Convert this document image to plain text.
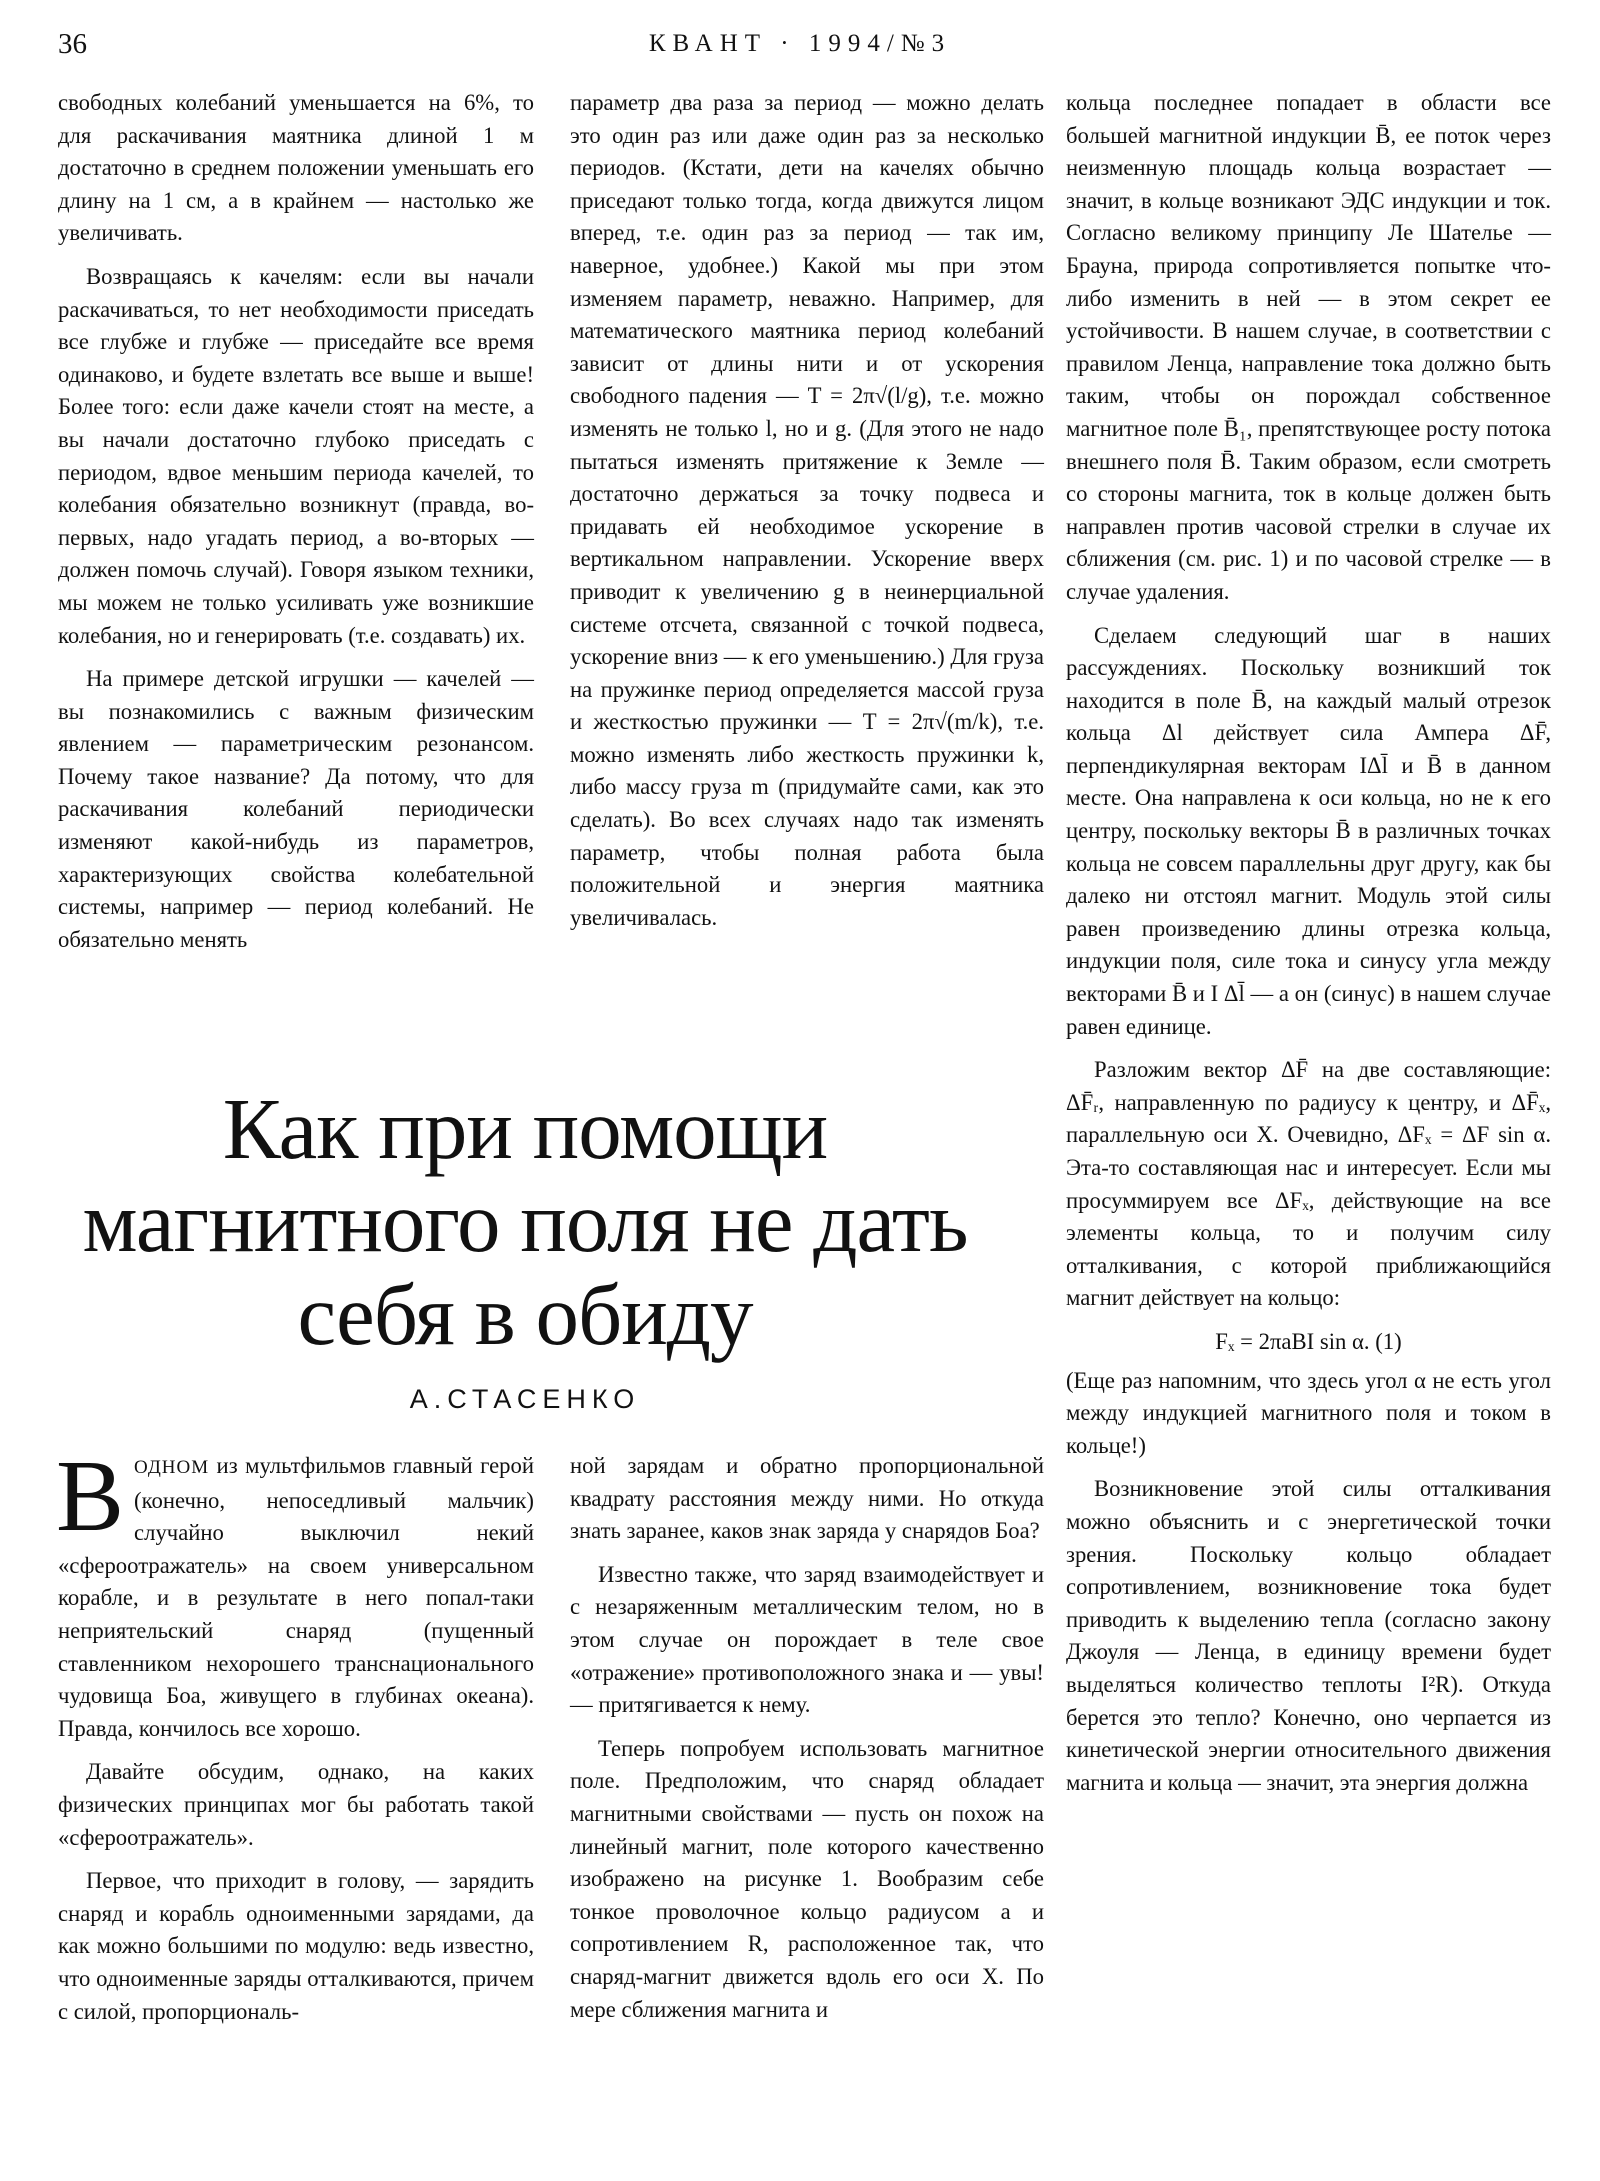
36	КВАНТ · 1994/№3

свободных колебаний уменьшается на 6%, то для раскачивания маятника длиной 1 м достаточно в среднем положении уменьшать его длину на 1 см, а в крайнем — настолько же увеличивать.

Возвращаясь к качелям: если вы начали раскачиваться, то нет необходимости приседать все глубже и глубже — приседайте все время одинаково, и будете взлетать все выше и выше! Более того: если даже качели стоят на месте, а вы начали достаточно глубоко приседать с периодом, вдвое меньшим периода качелей, то колебания обязательно возникнут (правда, во-первых, надо угадать период, а во-вторых — должен помочь случай). Говоря языком техники, мы можем не только усиливать уже возникшие колебания, но и генерировать (т.е. создавать) их.

На примере детской игрушки — качелей — вы познакомились с важным физическим явлением — параметрическим резонансом. Почему такое название? Да потому, что для раскачивания колебаний периодически изменяют какой-нибудь из параметров, характеризующих свойства колебательной системы, например — период колебаний. Не обязательно менять

параметр два раза за период — можно делать это один раз или даже один раз за несколько периодов. (Кстати, дети на качелях обычно приседают только тогда, когда движутся лицом вперед, т.е. один раз за период — так им, наверное, удобнее.) Какой мы при этом изменяем параметр, неважно. Например, для математического маятника период колебаний зависит от длины нити и от ускорения свободного падения — T = 2π√(l/g), т.е. можно изменять не только l, но и g. (Для этого не надо пытаться изменять притяжение к Земле — достаточно держаться за точку подвеса и придавать ей необходимое ускорение в вертикальном направлении. Ускорение вверх приводит к увеличению g в неинерциальной системе отсчета, связанной с точкой подвеса, ускорение вниз — к его уменьшению.) Для груза на пружинке период определяется массой груза и жесткостью пружинки — T = 2π√(m/k), т.е. можно изменять либо жесткость пружинки k, либо массу груза m (придумайте сами, как это сделать). Во всех случаях надо так изменять параметр, чтобы полная работа была положительной и энергия маятника увеличивалась.

кольца последнее попадает в области все большей магнитной индукции B̄, ее поток через неизменную площадь кольца возрастает — значит, в кольце возникают ЭДС индукции и ток. Согласно великому принципу Ле Шателье — Брауна, природа сопротивляется попытке что-либо изменить в ней — в этом секрет ее устойчивости. В нашем случае, в соответствии с правилом Ленца, направление тока должно быть таким, чтобы он порождал собственное магнитное поле B̄₁, препятствующее росту потока внешнего поля B̄. Таким образом, если смотреть со стороны магнита, ток в кольце должен быть направлен против часовой стрелки в случае их сближения (см. рис. 1) и по часовой стрелке — в случае удаления.

Сделаем следующий шаг в наших рассуждениях. Поскольку возникший ток находится в поле B̄, на каждый малый отрезок кольца Δl действует сила Ампера ΔF̄, перпендикулярная векторам IΔl̄ и B̄ в данном месте. Она направлена к оси кольца, но не к его центру, поскольку векторы B̄ в различных точках кольца не совсем параллельны друг другу, как бы далеко ни отстоял магнит. Модуль этой силы равен произведению длины отрезка кольца, индукции поля, силе тока и синусу угла между векторами B̄ и I Δl̄ — а он (синус) в нашем случае равен единице.

Разложим вектор ΔF̄ на две составляющие: ΔF̄ᵣ, направленную по радиусу к центру, и ΔF̄ₓ, параллельную оси X. Очевидно, ΔFₓ = ΔF sin α. Эта-то составляющая нас и интересует. Если мы просуммируем все ΔFₓ, действующие на все элементы кольца, то и получим силу отталкивания, с которой приближающийся магнит действует на кольцо:

Fₓ = 2πaBI sin α. (1)

(Еще раз напомним, что здесь угол α не есть угол между индукцией магнитного поля и током в кольце!)

Возникновение этой силы отталкивания можно объяснить и с энергетической точки зрения. Поскольку кольцо обладает сопротивлением, возникновение тока будет приводить к выделению тепла (согласно закону Джоуля — Ленца, в единицу времени будет выделяться количество теплоты I²R). Откуда берется это тепло? Конечно, оно черпается из кинетической энергии относительного движения магнита и кольца — значит, эта энергия должна

Как при помощи магнитного поля не дать себя в обиду
А.СТАСЕНКО

ВОДНОМ из мультфильмов главный герой (конечно, непоседливый мальчик) случайно выключил некий «сфероотражатель» на своем универсальном корабле, и в результате в него попал-таки неприятельский снаряд (пущенный ставленником нехорошего транснационального чудовища Боа, живущего в глубинах океана). Правда, кончилось все хорошо.

Давайте обсудим, однако, на каких физических принципах мог бы работать такой «сфероотражатель».

Первое, что приходит в голову, — зарядить снаряд и корабль одноименными зарядами, да как можно большими по модулю: ведь известно, что одноименные заряды отталкиваются, причем с силой, пропорциональ-

ной зарядам и обратно пропорциональной квадрату расстояния между ними. Но откуда знать заранее, каков знак заряда у снарядов Боа?

Известно также, что заряд взаимодействует и с незаряженным металлическим телом, но в этом случае он порождает в теле свое «отражение» противоположного знака и — увы! — притягивается к нему.

Теперь попробуем использовать магнитное поле. Предположим, что снаряд обладает магнитными свойствами — пусть он похож на линейный магнит, поле которого качественно изображено на рисунке 1. Вообразим себе тонкое проволочное кольцо радиусом a и сопротивлением R, расположенное так, что снаряд-магнит движется вдоль его оси X. По мере сближения магнита и
